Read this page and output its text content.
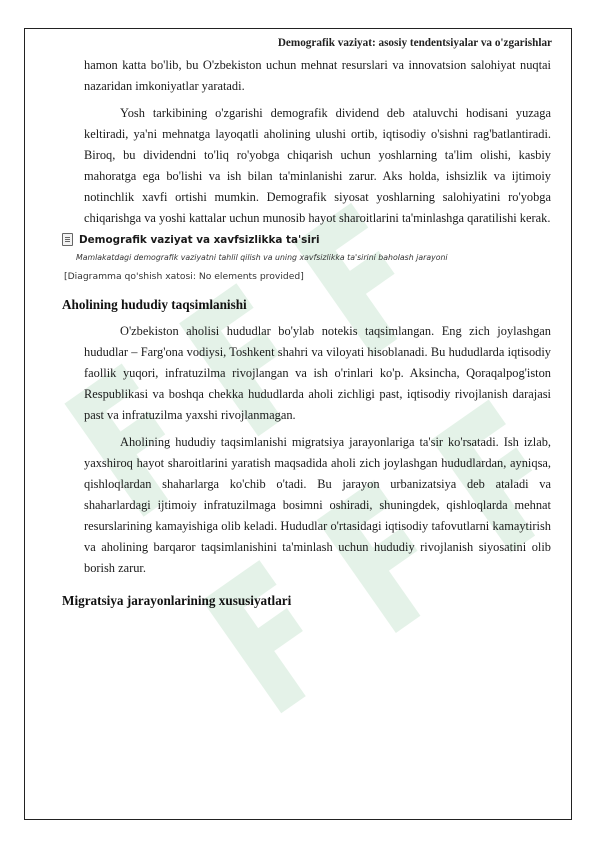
Demografik vaziyat: asosiy tendentsiyalar va o'zgarishlar

hamon katta bo'lib, bu O'zbekiston uchun mehnat resurslari va innovatsion salohiyat nuqtai nazaridan imkoniyatlar yaratadi.

Yosh tarkibining o'zgarishi demografik dividend deb ataluvchi hodisani yuzaga keltiradi, ya'ni mehnatga layoqatli aholining ulushi ortib, iqtisodiy o'sishni rag'batlantiradi. Biroq, bu dividendni to'liq ro'yobga chiqarish uchun yoshlarning ta'lim olishi, kasbiy mahoratga ega bo'lishi va ish bilan ta'minlanishi zarur. Aks holda, ishsizlik va ijtimoiy notinchlik xavfi ortishi mumkin. Demografik siyosat yoshlarning salohiyatini ro'yobga chiqarishga va yoshi kattalar uchun munosib hayot sharoitlarini ta'minlashga qaratilishi kerak.

Demografik vaziyat va xavfsizlikka ta'siri
Mamlakatdagi demografik vaziyatni tahlil qilish va uning xavfsizlikka ta'sirini baholash jarayoni
[Diagramma qo'shish xatosi: No elements provided]
Aholining hududiy taqsimlanishi

O'zbekiston aholisi hududlar bo'ylab notekis taqsimlangan. Eng zich joylashgan hududlar – Farg'ona vodiysi, Toshkent shahri va viloyati hisoblanadi. Bu hududlarda iqtisodiy faollik yuqori, infratuzilma rivojlangan va ish o'rinlari ko'p. Aksincha, Qoraqalpog'iston Respublikasi va boshqa chekka hududlarda aholi zichligi past, iqtisodiy rivojlanish darajasi past va infratuzilma yaxshi rivojlanmagan.

Aholining hududiy taqsimlanishi migratsiya jarayonlariga ta'sir ko'rsatadi. Ish izlab, yaxshiroq hayot sharoitlarini yaratish maqsadida aholi zich joylashgan hududlardan, ayniqsa, qishloqlardan shaharlarga ko'chib o'tadi. Bu jarayon urbanizatsiya deb ataladi va shaharlardagi ijtimoiy infratuzilmaga bosimni oshiradi, shuningdek, qishloqlarda mehnat resurslarining kamayishiga olib keladi. Hududlar o'rtasidagi iqtisodiy tafovutlarni kamaytirish va aholining barqaror taqsimlanishini ta'minlash uchun hududiy rivojlanish siyosatini olib borish zarur.

Migratsiya jarayonlarining xususiyatlari
